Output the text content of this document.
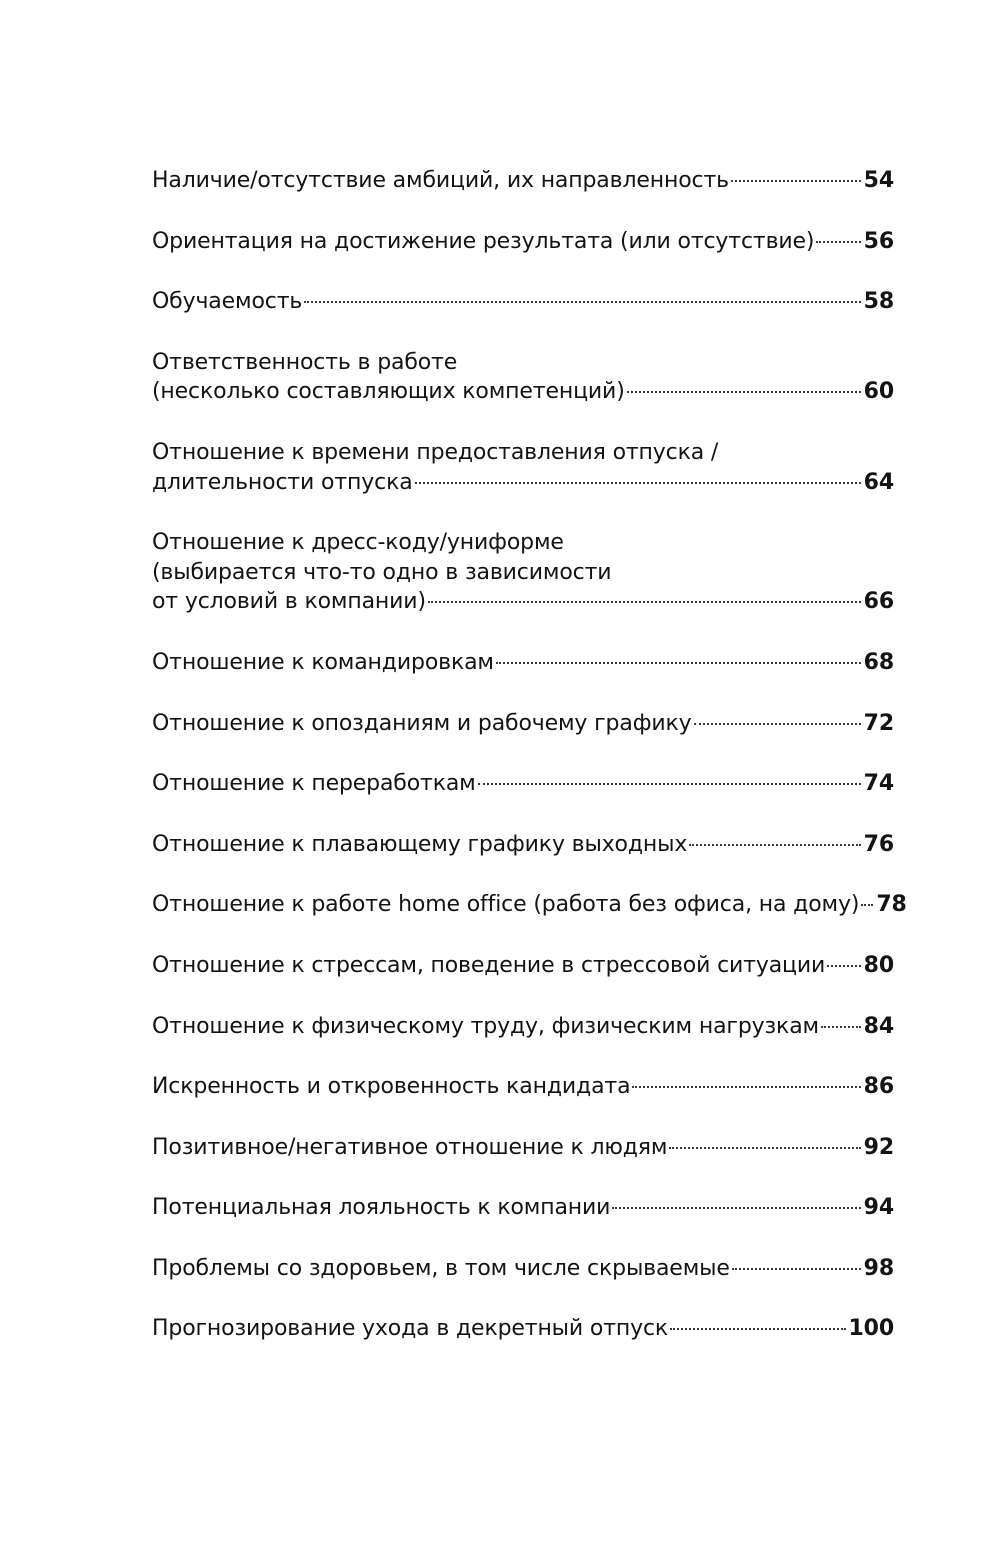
Наличие/отсутствие амбиций, их направленность	54
Ориентация на достижение результата (или отсутствие) 56
Обучаемость	58
Ответственность в работе
(несколько составляющих компетенций)	60
Отношение к времени предоставления отпуска /
длительности отпуска	64
Отношение к дресс-коду/униформе
(выбирается что-то одно в зависимости
от условий в компании)	66
Отношение к командировкам	68
Отношение к опозданиям и рабочему графику	72
Отношение к переработкам	74
Отношение к плавающему графику выходных	76
Отношение к работе home office (работа без офиса, на дому) 78
Отношение к стрессам, поведение в стрессовой ситуации 80
Отношение к физическому труду, физическим нагрузкам 84
Искренность и откровенность кандидата	86
Позитивное/негативное отношение к людям	92
Потенциальная лояльность к компании	94
Проблемы со здоровьем, в том числе скрываемые	98
Прогнозирование ухода в декретный отпуск	100
